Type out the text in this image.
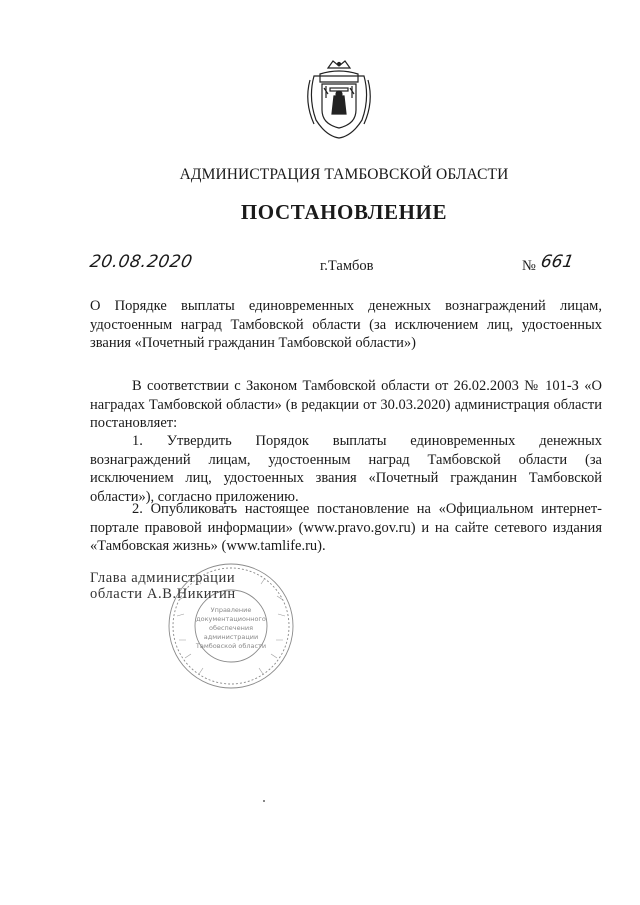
АДМИНИСТРАЦИЯ ТАМБОВСКОЙ ОБЛАСТИ
ПОСТАНОВЛЕНИЕ
20.08.2020	г.Тамбов	№ 661
О Порядке выплаты единовременных денежных вознаграждений лицам, удостоенным наград Тамбовской области (за исключением лиц, удостоенных звания «Почетный гражданин Тамбовской области»)
В соответствии с Законом Тамбовской области от 26.02.2003 № 101-З «О наградах Тамбовской области» (в редакции от 30.03.2020) администрация области постановляет:
1. Утвердить Порядок выплаты единовременных денежных вознаграждений лицам, удостоенным наград Тамбовской области (за исключением лиц, удостоенных звания «Почетный гражданин Тамбовской области»), согласно приложению.
2. Опубликовать настоящее постановление на «Официальном интернет-портале правовой информации» (www.pravo.gov.ru) и на сайте сетевого издания «Тамбовская жизнь» (www.tamlife.ru).
Управление
документационного
обеспечения
администрации
Тамбовской области
Глава администрации
области А.В.Никитин
